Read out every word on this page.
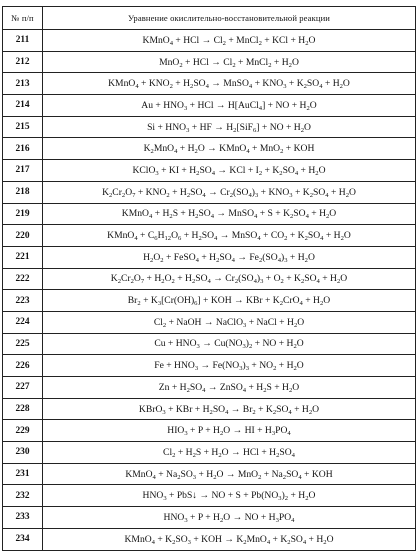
№ п/п	Уравнение окислительно-восстановительной реакции
211	KMnO$_4$ + HCl → $Cl_2$ + MnCl$_2$ + KCl + $H_2O$
212	MnO$_2$ + HCl → $Cl_2$ + MnCl$_2$ + $H_2O$
213	KMnO$_4$ + $KNO_2 + H_2SO_4$ → MnSO$_4$ + $KNO_3 + K_2SO_4 + H_2O$
214	$Au + HNO_3$ + HCl → H[AuCl$_4$] + NO + $H_2O$
215	$Si + HNO_3$ + HF → $H_2[SiF_6]$ + NO + $H_2O$
216	$K_2MnO_4 + H_2O$ → KMnO$_4$ + MnO$_2$ + KOH
217	KClO$_3$ + KI + $H_2SO_4$ → KCl + $I_2 + K_2SO_4 + H_2O$
218	$K_2Cr_2O_7 + KNO_2 + H_2SO_4 \to Cr_2(SO_4)_3 + KNO_3 + K_2SO_4 + H_2O$
219	KMnO$_4$ + $H_2S + H_2SO_4$ → MnSO$_4$ + $S + K_2SO_4 + H_2O$
220	KMnO$_4$ + $C_6H_{12}O_6 + H_2SO_4$ → MnSO$_4$ + $CO_2 + K_2SO_4 + H_2O$
221	$H_2O_2$ + FeSO$_4$ + $H_2SO_4 \to Fe_2(SO_4)_3 + H_2O$
222	$K_2Cr_2O_7 + H_2O_2 + H_2SO_4 \to Cr_2(SO_4)_3 + O_2 + K_2SO_4 + H_2O$
223	$Br_2 + K_3[Cr(OH)_6]$ + KOH → KBr + $K_2CrO_4 + H_2O$
224	$Cl_2$ + NaOH → NaClO$_3$ + NaCl + $H_2O$
225	$Cu + HNO_3 \to Cu(NO_3)_2$ + NO + $H_2O$
226	$Fe + HNO_3 \to Fe(NO_3)_3 + NO_2 + H_2O$
227	$Zn + H_2SO_4$ → ZnSO$_4$ + $H_2S + H_2O$
228	KBrO$_3$ + KBr + $H_2SO_4 \to Br_2 + K_2SO_4 + H_2O$
229	$HIO_3 + P + H_2O$ → HI + $H_3PO_4$
230	$Cl_2 + H_2S + H_2O$ → HCl + $H_2SO_4$
231	KMnO$_4$ + $Na_2SO_3 + H_2O \to MnO_2 + Na_2SO_4$ + KOH
232	$HNO_3$ + PbS↓ → NO + $S + Pb(NO_3)_2 + H_2O$
233	$HNO_3 + P + H_2O$ → NO + $H_3PO_4$
234	KMnO$_4$ + $K_2SO_3$ + KOH → $K_2MnO_4 + K_2SO_4 + H_2O$
